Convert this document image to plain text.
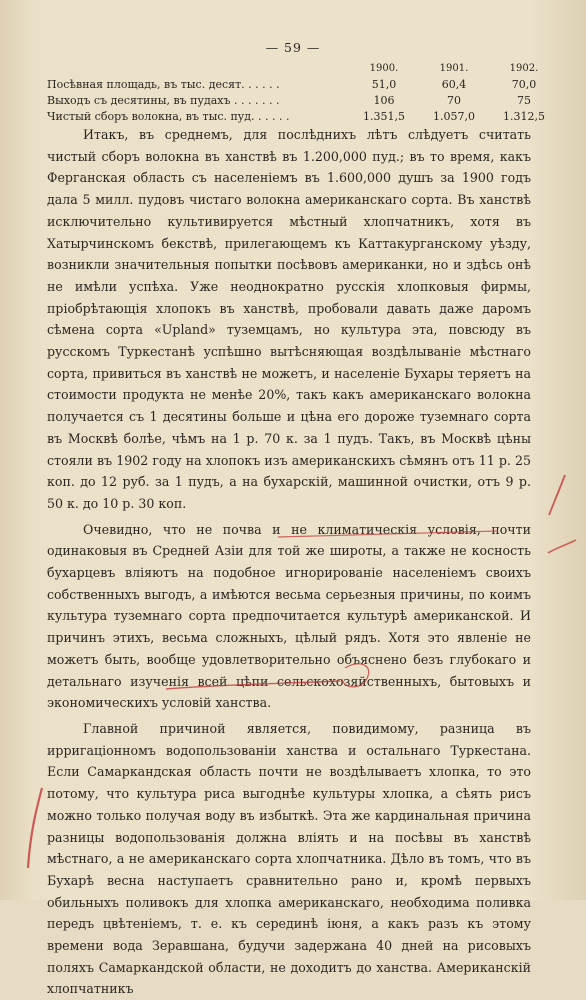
— 59 —
1900.	1901.	1902.
Посѣвная площадь, въ тыс. десят. . . . . .	51,0	60,4	70,0
Выходъ съ десятины, въ пудахъ . . . . . . .	106	70	75
Чистый сборъ волокна, въ тыс. пуд. . . . . .	1.351,5	1.057,0	1.312,5

Итакъ, въ среднемъ, для послѣднихъ лѣтъ слѣдуетъ считать чистый сборъ волокна въ ханствѣ въ 1.200,000 пуд.; въ то время, какъ Ферганская область съ населеніемъ въ 1.600,000 душъ за 1900 годъ дала 5 милл. пудовъ чистаго волокна американскаго сорта. Въ ханствѣ исключительно культивируется мѣстный хлопчатникъ, хотя въ Хатырчинскомъ бекствѣ, прилегающемъ къ Каттакурганскому уѣзду, возникли значительныя попытки посѣвовъ американки, но и здѣсь онѣ не имѣли успѣха. Уже неоднократно русскія хлопковыя фирмы, пріобрѣтающія хлопокъ въ ханствѣ, пробовали давать даже даромъ сѣмена сорта «Upland» туземцамъ, но культура эта, повсюду въ русскомъ Туркестанѣ успѣшно вытѣсняющая воздѣлываніе мѣстнаго сорта, привиться въ ханствѣ не можетъ, и населеніе Бухары теряетъ на стоимости продукта не менѣе 20%, такъ какъ американскаго волокна получается съ 1 десятины больше и цѣна его дороже туземнаго сорта въ Москвѣ болѣе, чѣмъ на 1 р. 70 к. за 1 пудъ. Такъ, въ Москвѣ цѣны стояли въ 1902 году на хлопокъ изъ американскихъ сѣмянъ отъ 11 р. 25 коп. до 12 руб. за 1 пудъ, а на бухарскій, машинной очистки, отъ 9 р. 50 к. до 10 р. 30 коп.

Очевидно, что не почва и не климатическія условія, почти одинаковыя въ Средней Азіи для той же широты, а также не косность бухарцевъ вліяютъ на подобное игнорированіе населеніемъ своихъ собственныхъ выгодъ, а имѣются весьма серьезныя причины, по коимъ культура туземнаго сорта предпочитается культурѣ американской. И причинъ этихъ, весьма сложныхъ, цѣлый рядъ. Хотя это явленіе не можетъ быть, вообще удовлетворительно объяснено безъ глубокаго и детальнаго изученія всей цѣпи сельскохозяйственныхъ, бытовыхъ и экономическихъ условій ханства.

Главной причиной является, повидимому, разница въ ирригаціонномъ водопользованіи ханства и остальнаго Туркестана. Если Самаркандская область почти не воздѣлываетъ хлопка, то это потому, что культура риса выгоднѣе культуры хлопка, а сѣять рисъ можно только получая воду въ избыткѣ. Эта же кардинальная причина разницы водопользованія должна вліять и на посѣвы въ ханствѣ мѣстнаго, а не американскаго сорта хлопчатника. Дѣло въ томъ, что въ Бухарѣ весна наступаетъ сравнительно рано и, кромѣ первыхъ обильныхъ поливокъ для хлопка американскаго, необходима поливка передъ цвѣтеніемъ, т. е. къ серединѣ іюня, а какъ разъ къ этому времени вода Зеравшана, будучи задержана 40 дней на рисовыхъ поляхъ Самаркандской области, не доходитъ до ханства. Американскій хлопчатникъ
